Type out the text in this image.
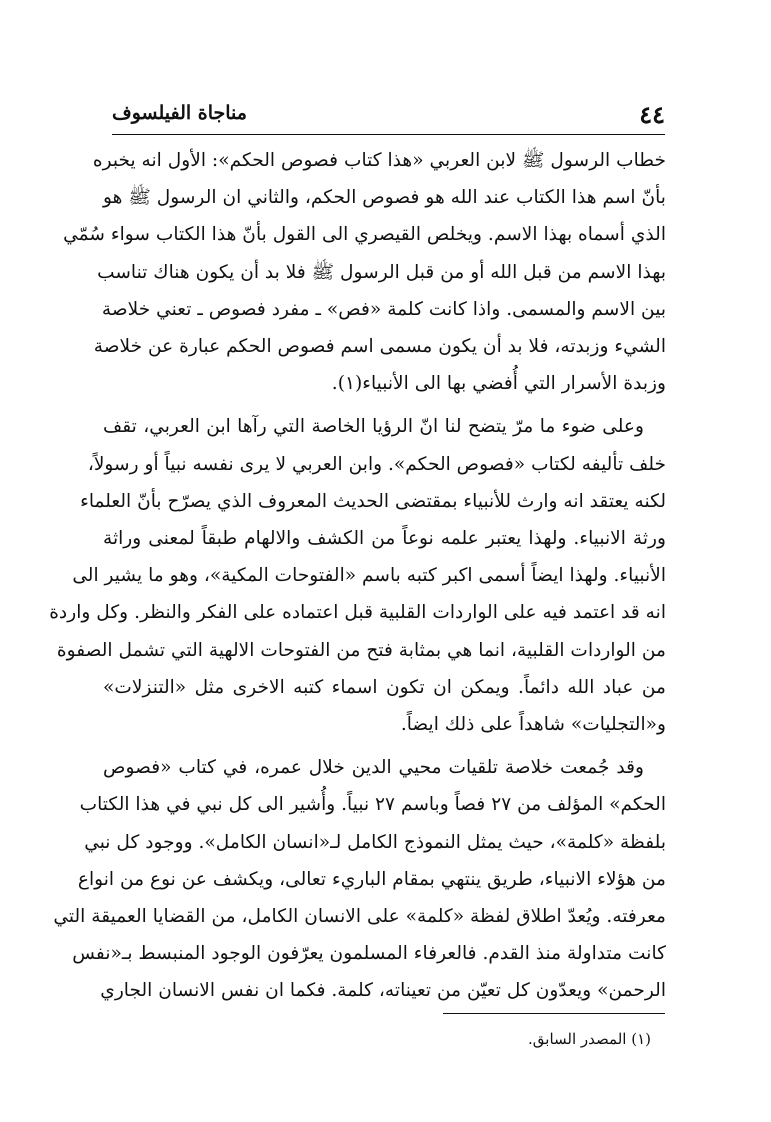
٤٤
مناجاة الفيلسوف
خطاب الرسول ﷺ لابن العربي «هذا كتاب فصوص الحكم»: الأول انه يخبره
بأنّ اسم هذا الكتاب عند الله هو فصوص الحكم، والثاني ان الرسول ﷺ هو
الذي أسماه بهذا الاسم. ويخلص القيصري الى القول بأنّ هذا الكتاب سواء سُمّي
بهذا الاسم من قبل الله أو من قبل الرسول ﷺ فلا بد أن يكون هناك تناسب
بين الاسم والمسمى. واذا كانت كلمة «فص» ـ مفرد فصوص ـ تعني خلاصة
الشيء وزبدته، فلا بد أن يكون مسمى اسم فصوص الحكم عبارة عن خلاصة
وزبدة الأسرار التي أُفضي بها الى الأنبياء(١).
وعلى ضوء ما مرّ يتضح لنا انّ الرؤيا الخاصة التي رآها ابن العربي، تقف
خلف تأليفه لكتاب «فصوص الحكم». وابن العربي لا يرى نفسه نبياً أو رسولاً،
لكنه يعتقد انه وارث للأنبياء بمقتضى الحديث المعروف الذي يصرّح بأنّ العلماء
ورثة الانبياء. ولهذا يعتبر علمه نوعاً من الكشف والالهام طبقاً لمعنى وراثة
الأنبياء. ولهذا ايضاً أسمى اكبر كتبه باسم «الفتوحات المكية»، وهو ما يشير الى
انه قد اعتمد فيه على الواردات القلبية قبل اعتماده على الفكر والنظر. وكل واردة
من الواردات القلبية، انما هي بمثابة فتح من الفتوحات الالهية التي تشمل الصفوة
من عباد الله دائماً. ويمكن ان تكون اسماء كتبه الاخرى مثل «التنزلات»
و«التجليات» شاهداً على ذلك ايضاً.
وقد جُمعت خلاصة تلقيات محيي الدين خلال عمره، في كتاب «فصوص
الحكم» المؤلف من ٢٧ فصاً وباسم ٢٧ نبياً. وأُشير الى كل نبي في هذا الكتاب
بلفظة «كلمة»، حيث يمثل النموذج الكامل لـ«انسان الكامل». ووجود كل نبي
من هؤلاء الانبياء، طريق ينتهي بمقام الباريء تعالى، ويكشف عن نوع من انواع
معرفته. ويُعدّ اطلاق لفظة «كلمة» على الانسان الكامل، من القضايا العميقة التي
كانت متداولة منذ القدم. فالعرفاء المسلمون يعرّفون الوجود المنبسط بـ«نفس
الرحمن» ويعدّون كل تعيّن من تعيناته، كلمة. فكما ان نفس الانسان الجاري
(١) المصدر السابق.
